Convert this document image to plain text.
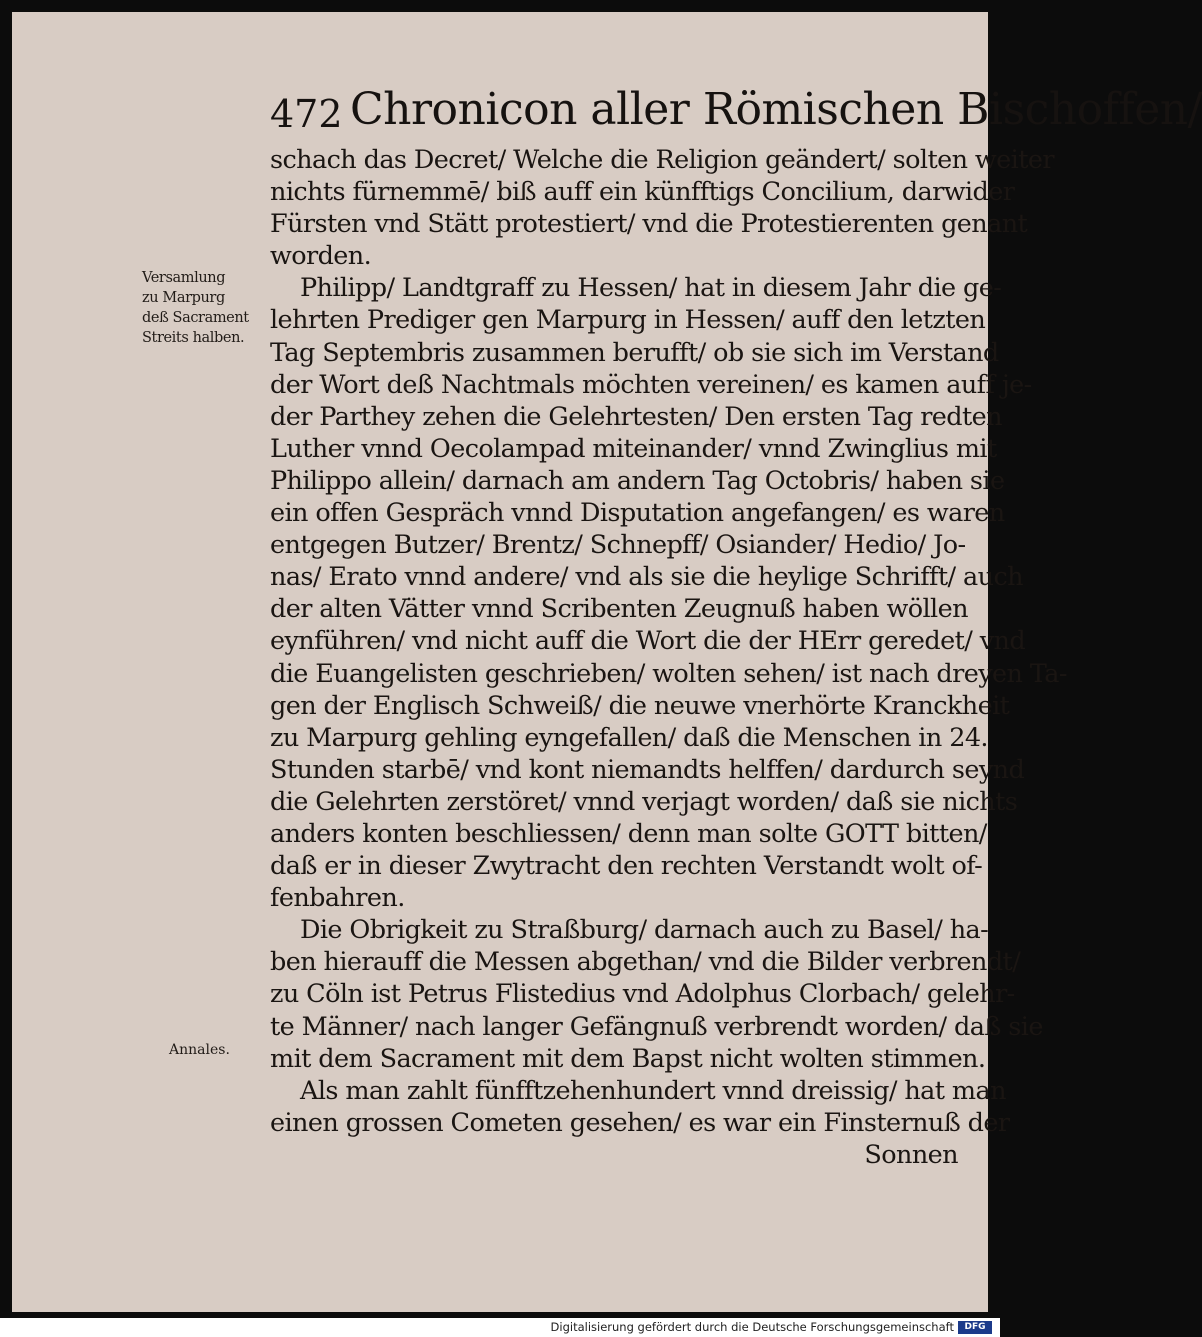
472 Chronicon aller Römischen Bischoffen/
Versamlung
zu Marpurg
deß Sacrament
Streits halben.
Annales.
schach das Decret/ Welche die Religion geändert/ solten weiter
nichts fürnemmē/ biß auff ein künfftigs Concilium, darwider
Fürsten vnd Stätt protestiert/ vnd die Protestierenten genant
worden.
Philipp/ Landtgraff zu Hessen/ hat in diesem Jahr die ge-
lehrten Prediger gen Marpurg in Hessen/ auff den letzten
Tag Septembris zusammen berufft/ ob sie sich im Verstand
der Wort deß Nachtmals möchten vereinen/ es kamen auff je-
der Parthey zehen die Gelehrtesten/ Den ersten Tag redten
Luther vnnd Oecolampad miteinander/ vnnd Zwinglius mit
Philippo allein/ darnach am andern Tag Octobris/ haben sie
ein offen Gespräch vnnd Disputation angefangen/ es waren
entgegen Butzer/ Brentz/ Schnepff/ Osiander/ Hedio/ Jo-
nas/ Erato vnnd andere/ vnd als sie die heylige Schrifft/ auch
der alten Vätter vnnd Scribenten Zeugnuß haben wöllen
eynführen/ vnd nicht auff die Wort die der HErr geredet/ vnd
die Euangelisten geschrieben/ wolten sehen/ ist nach dreyen Ta-
gen der Englisch Schweiß/ die neuwe vnerhörte Kranckheit
zu Marpurg gehling eyngefallen/ daß die Menschen in 24.
Stunden starbē/ vnd kont niemandts helffen/ dardurch seynd
die Gelehrten zerstöret/ vnnd verjagt worden/ daß sie nichts
anders konten beschliessen/ denn man solte GOTT bitten/
daß er in dieser Zwytracht den rechten Verstandt wolt of-
fenbahren.
Die Obrigkeit zu Straßburg/ darnach auch zu Basel/ ha-
ben hierauff die Messen abgethan/ vnd die Bilder verbrendt/
zu Cöln ist Petrus Flistedius vnd Adolphus Clorbach/ gelehr-
te Männer/ nach langer Gefängnuß verbrendt worden/ daß sie
mit dem Sacrament mit dem Bapst nicht wolten stimmen.
Als man zahlt fünfftzehenhundert vnnd dreissig/ hat man
einen grossen Cometen gesehen/ es war ein Finsternuß der
Sonnen
Digitalisierung gefördert durch die Deutsche Forschungsgemeinschaft	DFG
